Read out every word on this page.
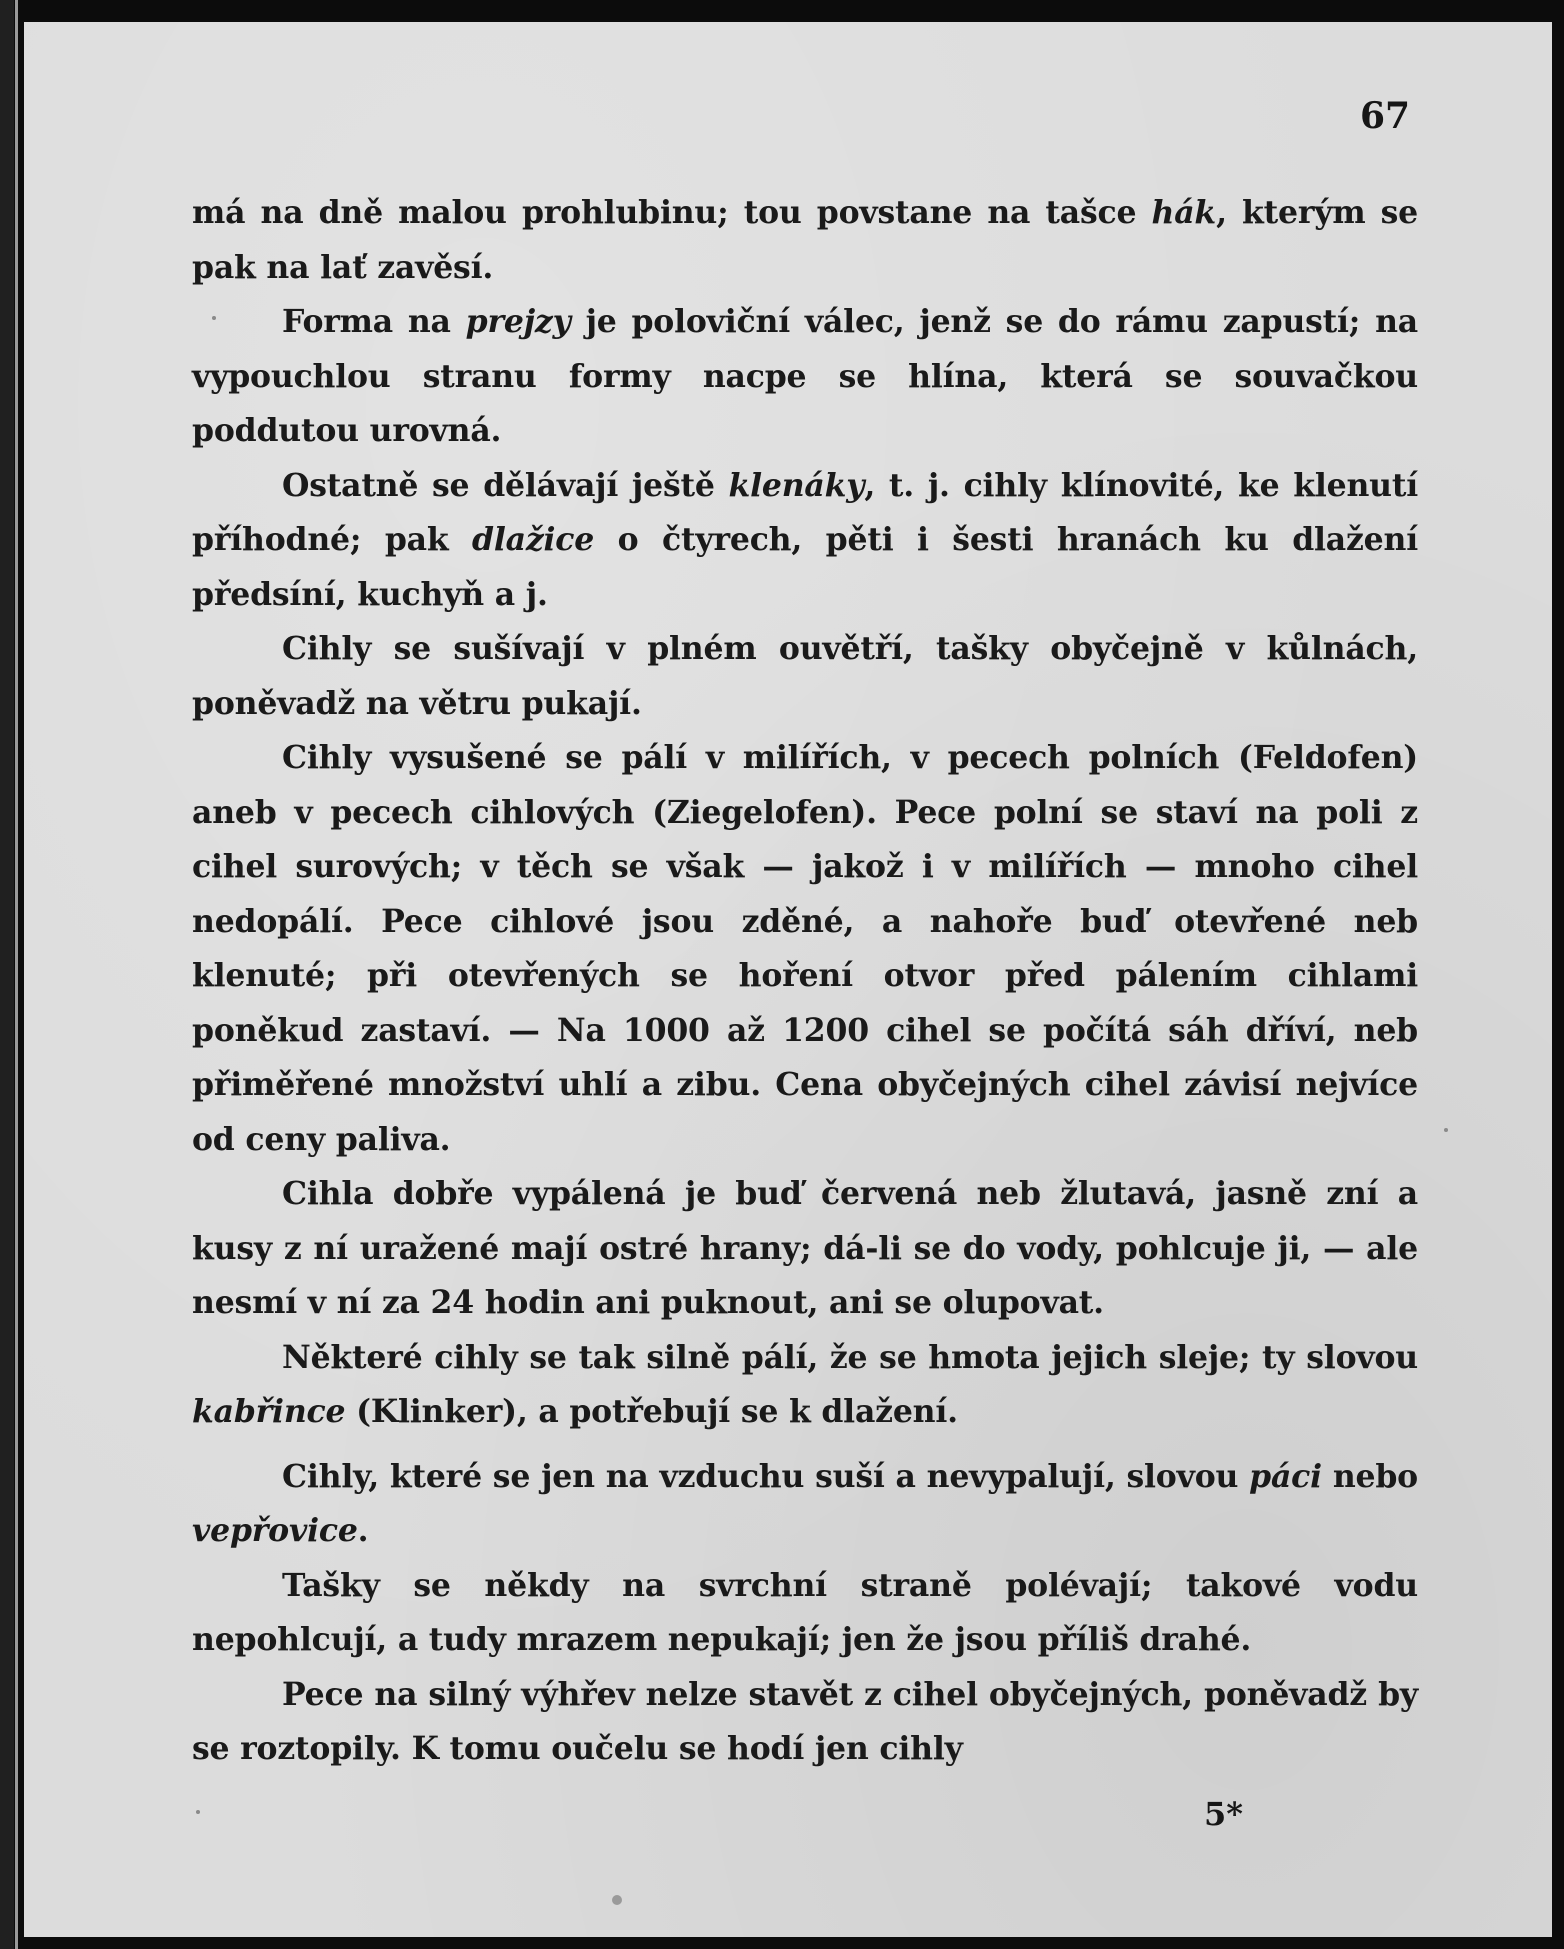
67

má na dně malou prohlubinu; tou povstane na tašce hák, kterým se pak na lať zavěsí.

Forma na prejzy je poloviční válec, jenž se do rámu zapustí; na vypouchlou stranu formy nacpe se hlína, která se souvačkou poddutou urovná.

Ostatně se dělávají ještě klenáky, t. j. cihly klínovité, ke klenutí příhodné; pak dlažice o čtyrech, pěti i šesti hranách ku dlažení předsíní, kuchyň a j.

Cihly se sušívají v plném ouvětří, tašky obyčejně v kůlnách, poněvadž na větru pukají.

Cihly vysušené se pálí v milířích, v pecech polních (Feldofen) aneb v pecech cihlových (Ziegelofen). Pece polní se staví na poli z cihel surových; v těch se však — jakož i v milířích — mnoho cihel nedopálí. Pece cihlové jsou zděné, a nahoře buď otevřené neb klenuté; při otevřených se hoření otvor před pálením cihlami poněkud zastaví. — Na 1000 až 1200 cihel se počítá sáh dříví, neb přiměřené množství uhlí a zibu. Cena obyčejných cihel závisí nejvíce od ceny paliva.

Cihla dobře vypálená je buď červená neb žlutavá, jasně zní a kusy z ní uražené mají ostré hrany; dá-li se do vody, pohlcuje ji, — ale nesmí v ní za 24 hodin ani puknout, ani se olupovat.

Některé cihly se tak silně pálí, že se hmota jejich sleje; ty slovou kabřince (Klinker), a potřebují se k dlažení.

Cihly, které se jen na vzduchu suší a nevypalují, slovou páci nebo vepřovice.

Tašky se někdy na svrchní straně polévají; takové vodu nepohlcují, a tudy mrazem nepukají; jen že jsou příliš drahé.

Pece na silný výhřev nelze stavět z cihel obyčejných, poněvadž by se roztopily. K tomu oučelu se hodí jen cihly

5*
